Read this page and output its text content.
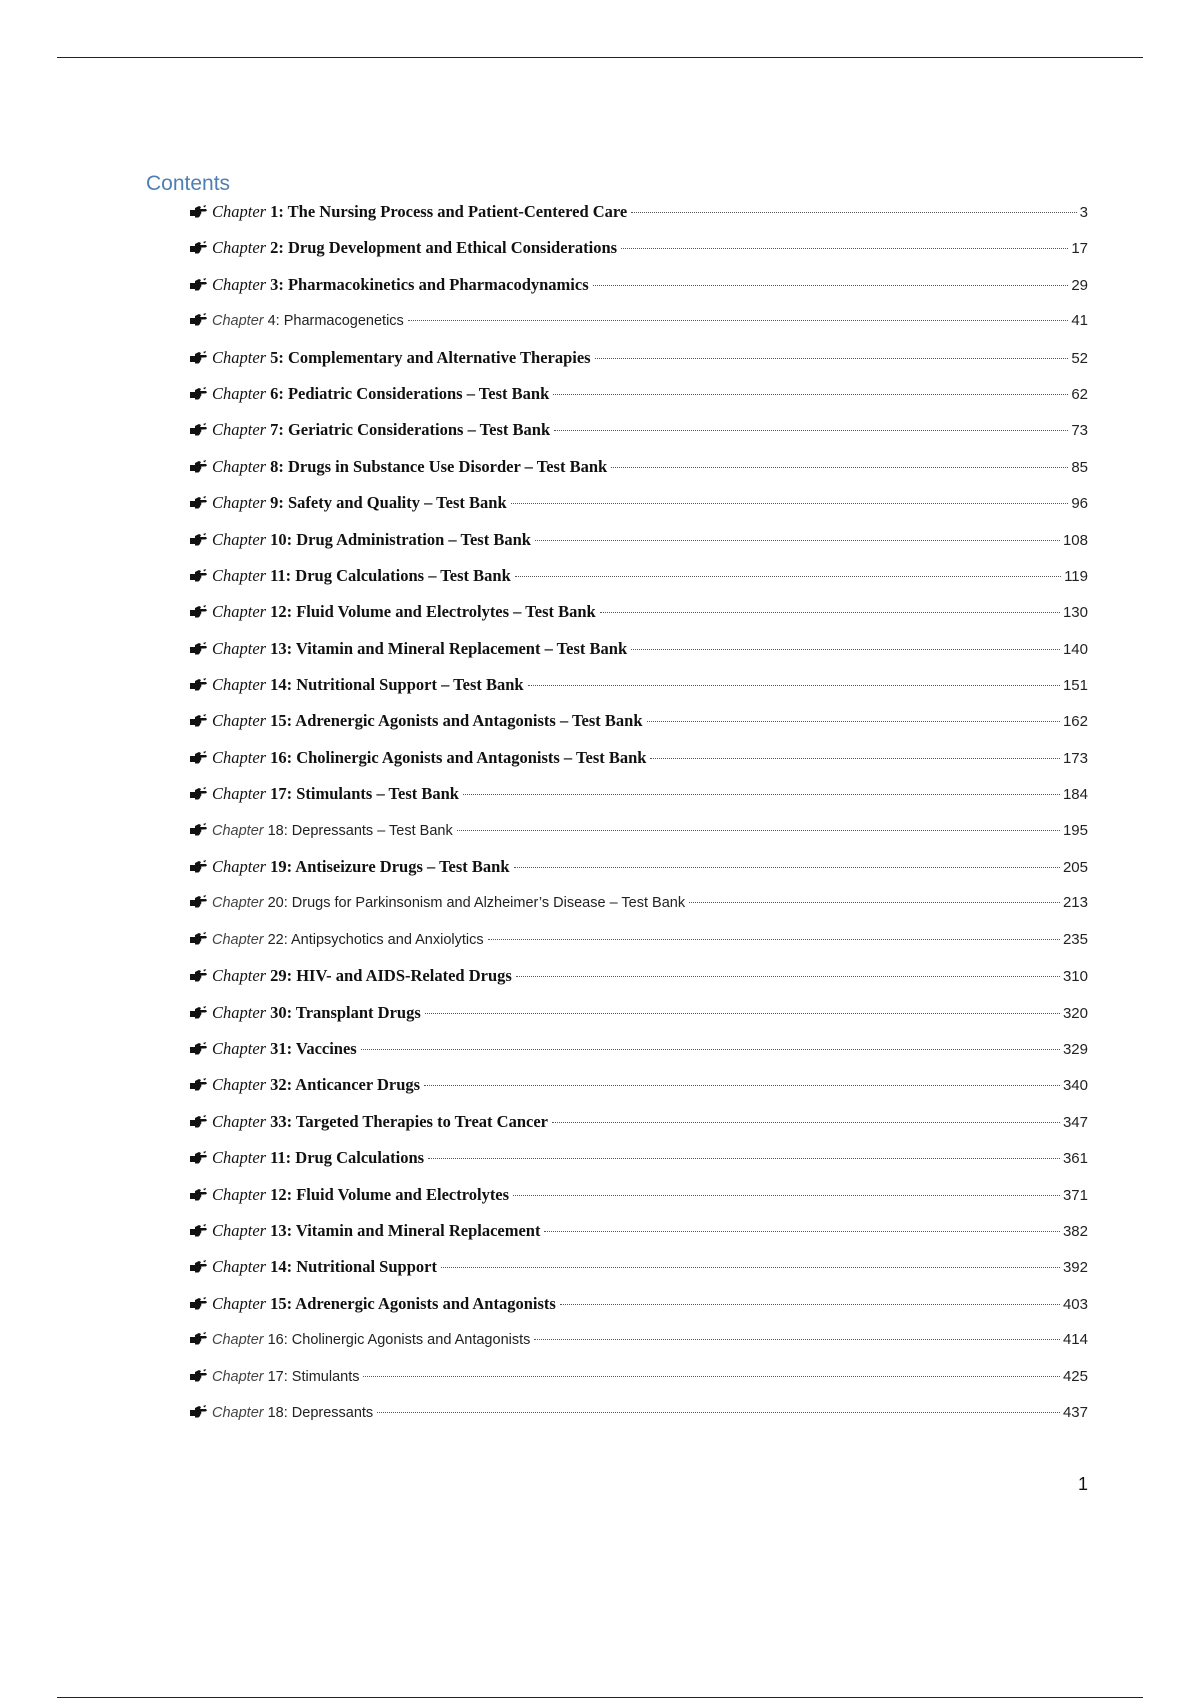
Contents
Chapter 1: The Nursing Process and Patient-Centered Care	3
Chapter 2: Drug Development and Ethical Considerations	17
Chapter 3: Pharmacokinetics and Pharmacodynamics	29
Chapter 4: Pharmacogenetics	41
Chapter 5: Complementary and Alternative Therapies	52
Chapter 6: Pediatric Considerations – Test Bank	62
Chapter 7: Geriatric Considerations – Test Bank	73
Chapter 8: Drugs in Substance Use Disorder – Test Bank	85
Chapter 9: Safety and Quality – Test Bank	96
Chapter 10: Drug Administration – Test Bank	108
Chapter 11: Drug Calculations – Test Bank	119
Chapter 12: Fluid Volume and Electrolytes – Test Bank	130
Chapter 13: Vitamin and Mineral Replacement – Test Bank	140
Chapter 14: Nutritional Support – Test Bank	151
Chapter 15: Adrenergic Agonists and Antagonists – Test Bank	162
Chapter 16: Cholinergic Agonists and Antagonists – Test Bank	173
Chapter 17: Stimulants – Test Bank	184
Chapter 18: Depressants – Test Bank	195
Chapter 19: Antiseizure Drugs – Test Bank	205
Chapter 20: Drugs for Parkinsonism and Alzheimer’s Disease – Test Bank	213
Chapter 22: Antipsychotics and Anxiolytics	235
Chapter 29: HIV- and AIDS-Related Drugs	310
Chapter 30: Transplant Drugs	320
Chapter 31: Vaccines	329
Chapter 32: Anticancer Drugs	340
Chapter 33: Targeted Therapies to Treat Cancer	347
Chapter 11: Drug Calculations	361
Chapter 12: Fluid Volume and Electrolytes	371
Chapter 13: Vitamin and Mineral Replacement	382
Chapter 14: Nutritional Support	392
Chapter 15: Adrenergic Agonists and Antagonists	403
Chapter 16: Cholinergic Agonists and Antagonists	414
Chapter 17: Stimulants	425
Chapter 18: Depressants	437
1
